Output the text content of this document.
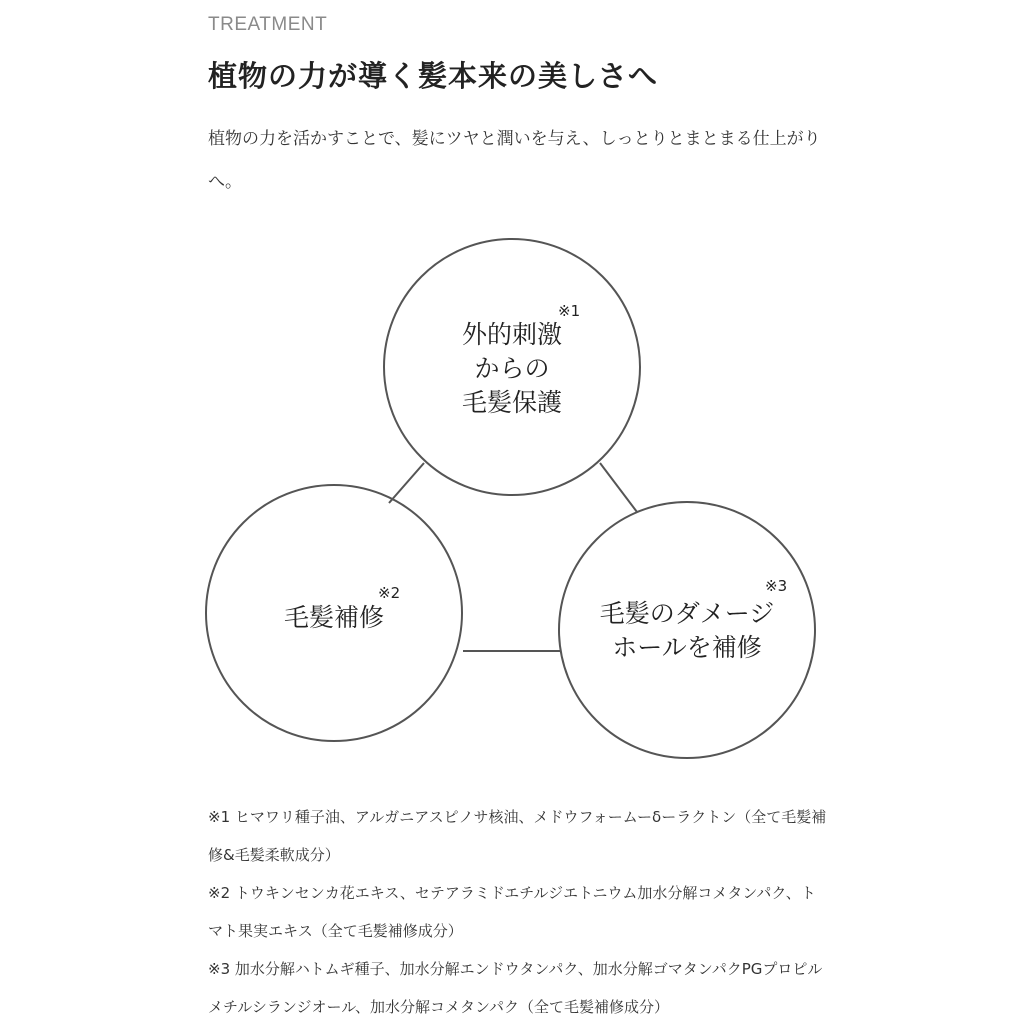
TREATMENT
植物の力が導く髪本来の美しさへ

植物の力を活かすことで、髪にツヤと潤いを与え、しっとりとまとまる仕上がりへ。

※1
外的刺激
からの
毛髪保護
※2
毛髪補修
※3
毛髪のダメージ
ホールを補修

※1 ヒマワリ種子油、アルガニアスピノサ核油、メドウフォームーδーラクトン（全て毛髪補修&毛髪柔軟成分）

※2 トウキンセンカ花エキス、セテアラミドエチルジエトニウム加水分解コメタンパク、トマト果実エキス（全て毛髪補修成分）

※3 加水分解ハトムギ種子、加水分解エンドウタンパク、加水分解ゴマタンパクPGプロピルメチルシランジオール、加水分解コメタンパク（全て毛髪補修成分）
